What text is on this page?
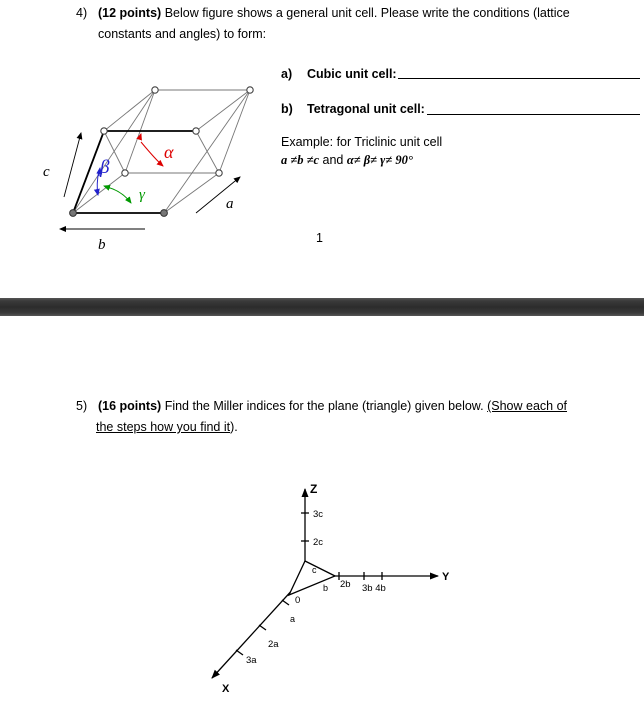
4) (12 points) Below figure shows a general unit cell. Please write the conditions (lattice
constants and angles) to form:
a) Cubic unit cell:
b) Tetragonal unit cell:
Example: for Triclinic unit cell
a ≠b ≠c and α≠ β≠ γ≠ 90°
1
α
β
γ
c
b
a
5) (16 points) Find the Miller indices for the plane (triangle) given below. (Show each of
the steps how you find it).
Z
Y
X
3c
2c
c
b 2b 3b 4b
0
a
2a
3a
